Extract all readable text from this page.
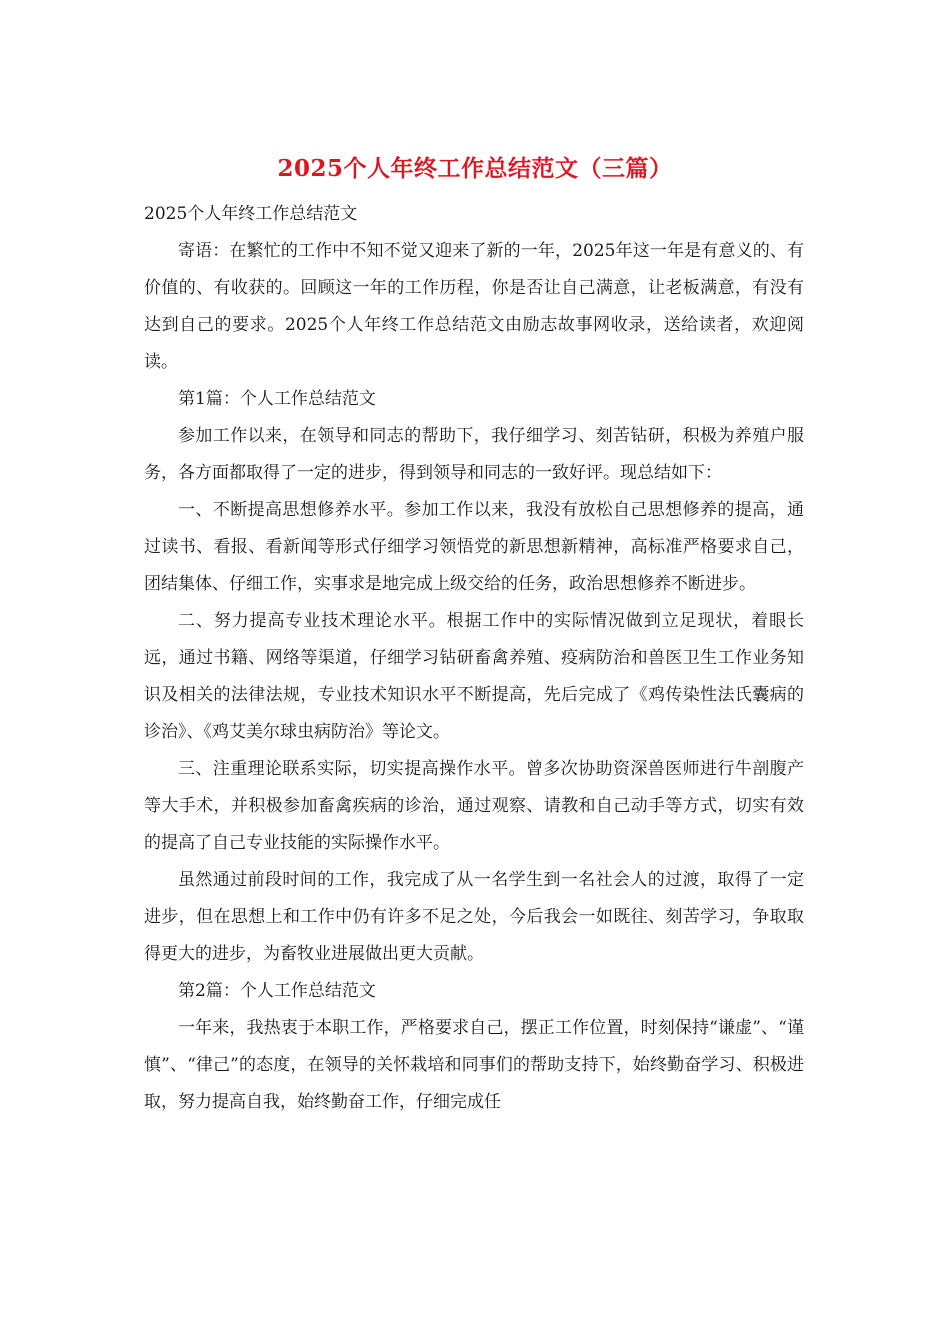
2025个人年终工作总结范文（三篇）

2025个人年终工作总结范文

寄语：在繁忙的工作中不知不觉又迎来了新的一年，2025年这一年是有意义的、有价值的、有收获的。回顾这一年的工作历程，你是否让自己满意，让老板满意，有没有达到自己的要求。2025个人年终工作总结范文由励志故事网收录，送给读者，欢迎阅读。

第1篇：个人工作总结范文

参加工作以来，在领导和同志的帮助下，我仔细学习、刻苦钻研，积极为养殖户服务，各方面都取得了一定的进步，得到领导和同志的一致好评。现总结如下：

一、不断提高思想修养水平。参加工作以来，我没有放松自己思想修养的提高，通过读书、看报、看新闻等形式仔细学习领悟党的新思想新精神，高标准严格要求自己，团结集体、仔细工作，实事求是地完成上级交给的任务，政治思想修养不断进步。

二、努力提高专业技术理论水平。根据工作中的实际情况做到立足现状，着眼长远，通过书籍、网络等渠道，仔细学习钻研畜禽养殖、疫病防治和兽医卫生工作业务知识及相关的法律法规，专业技术知识水平不断提高，先后完成了《鸡传染性法氏囊病的诊治》、《鸡艾美尔球虫病防治》等论文。

三、注重理论联系实际，切实提高操作水平。曾多次协助资深兽医师进行牛剖腹产等大手术，并积极参加畜禽疾病的诊治，通过观察、请教和自己动手等方式，切实有效的提高了自己专业技能的实际操作水平。

虽然通过前段时间的工作，我完成了从一名学生到一名社会人的过渡，取得了一定进步，但在思想上和工作中仍有许多不足之处，今后我会一如既往、刻苦学习，争取取得更大的进步，为畜牧业进展做出更大贡献。

第2篇：个人工作总结范文

一年来，我热衷于本职工作，严格要求自己，摆正工作位置，时刻保持“谦虚”、“谨慎”、“律己”的态度，在领导的关怀栽培和同事们的帮助支持下，始终勤奋学习、积极进取，努力提高自我，始终勤奋工作，仔细完成任
